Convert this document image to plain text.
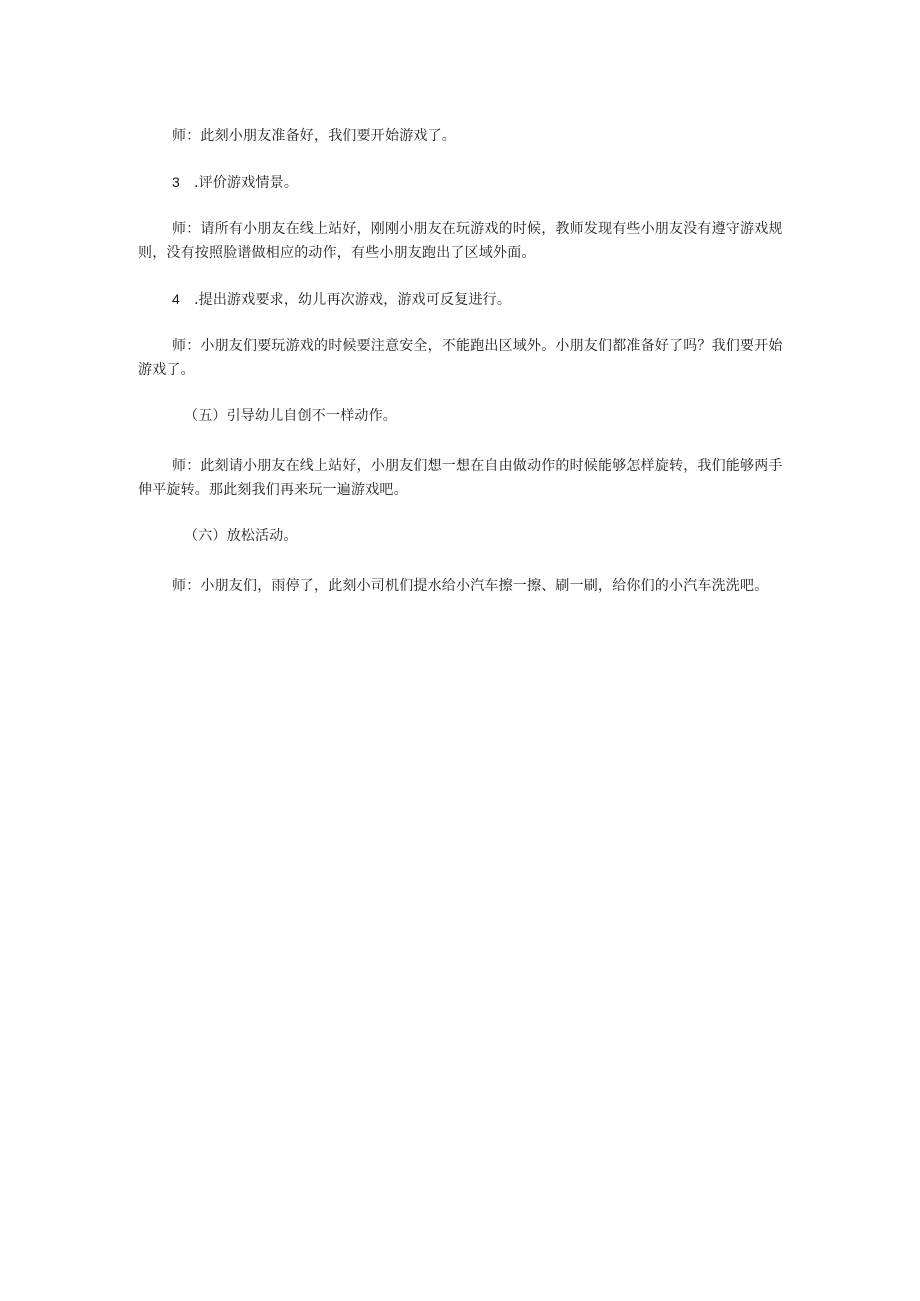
师：此刻小朋友准备好，我们要开始游戏了。

3 .评价游戏情景。

师：请所有小朋友在线上站好，刚刚小朋友在玩游戏的时候，教师发现有些小朋友没有遵守游戏规则，没有按照脸谱做相应的动作，有些小朋友跑出了区域外面。

4 .提出游戏要求，幼儿再次游戏，游戏可反复进行。

师：小朋友们要玩游戏的时候要注意安全，不能跑出区域外。小朋友们都准备好了吗？我们要开始游戏了。

（五）引导幼儿自创不一样动作。

师：此刻请小朋友在线上站好，小朋友们想一想在自由做动作的时候能够怎样旋转，我们能够两手伸平旋转。那此刻我们再来玩一遍游戏吧。

（六）放松活动。

师：小朋友们，雨停了，此刻小司机们提水给小汽车擦一擦、刷一刷，给你们的小汽车洗洗吧。
